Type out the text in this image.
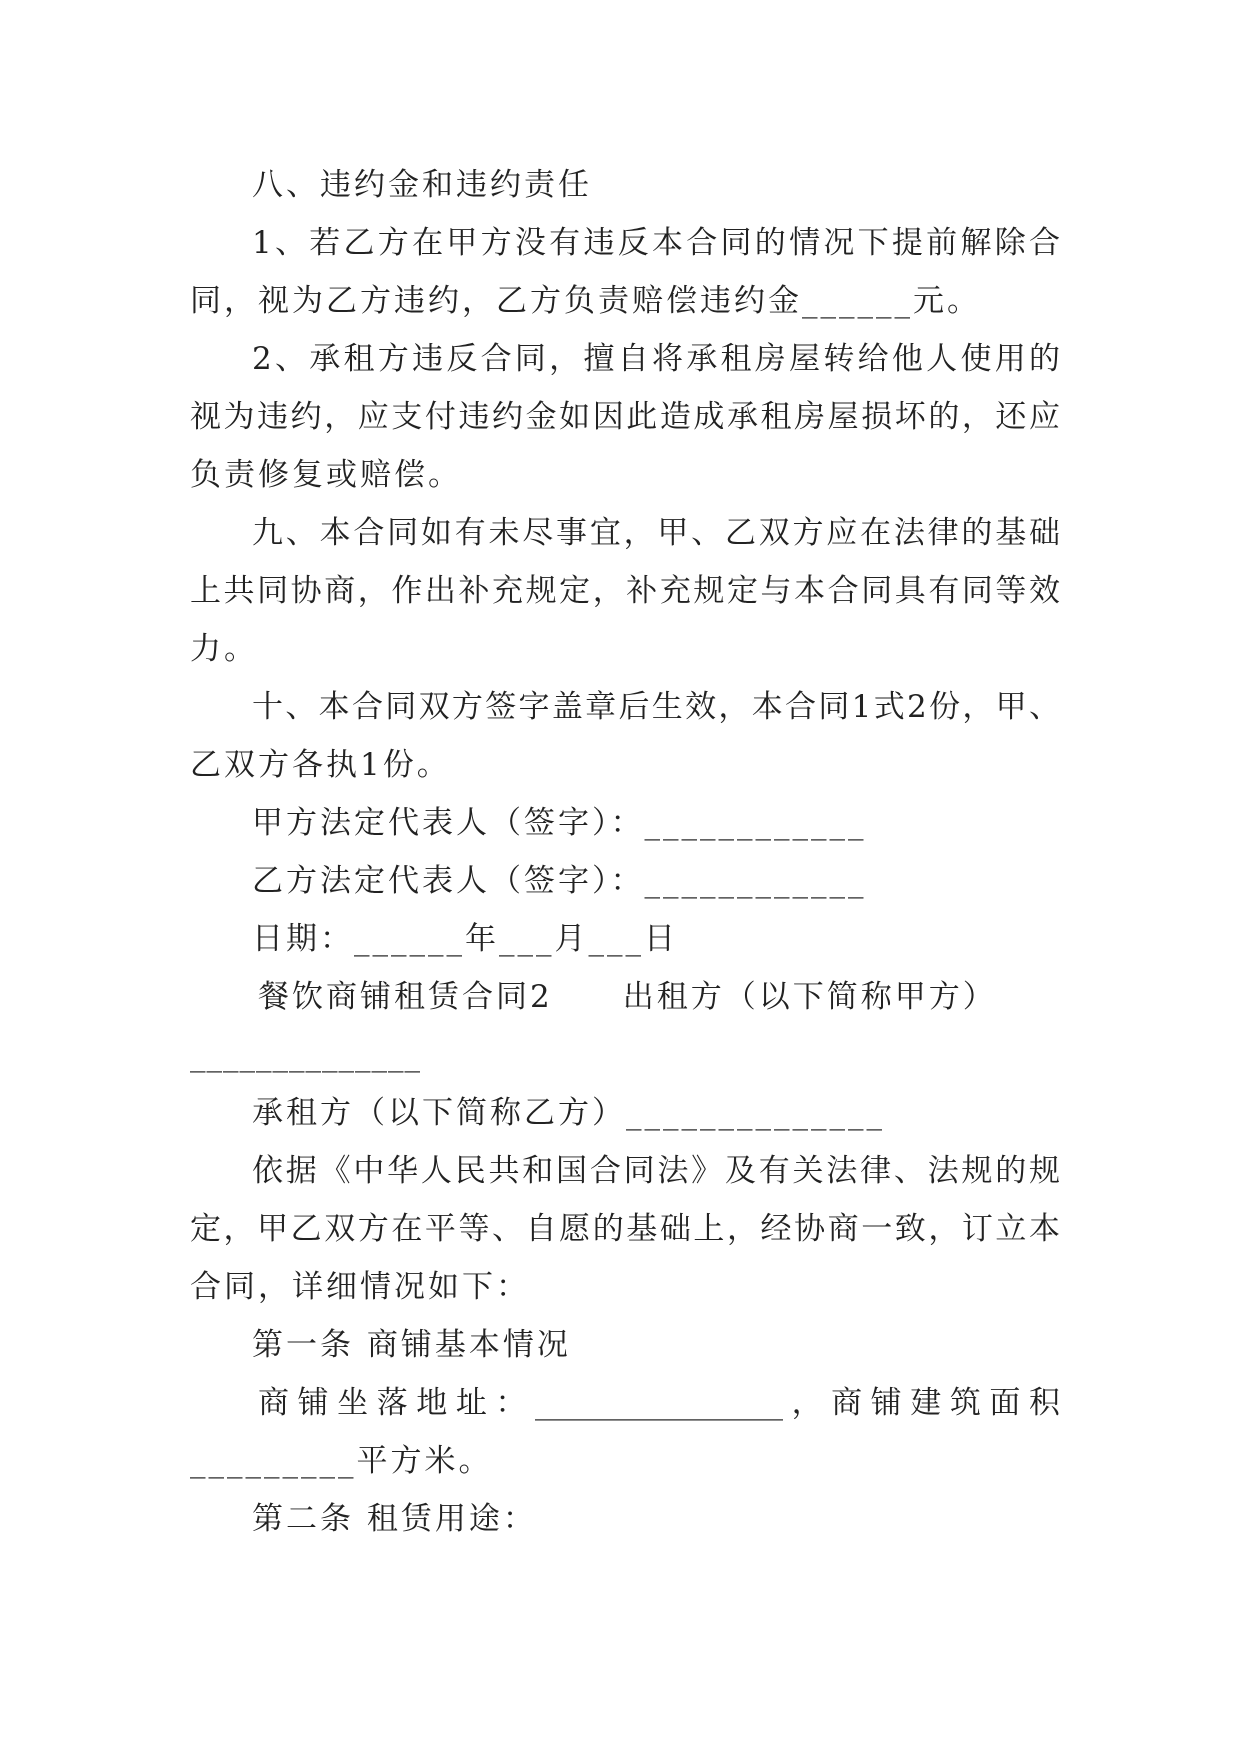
八、违约金和违约责任
1、若乙方在甲方没有违反本合同的情况下提前解除合
同，视为乙方违约，乙方负责赔偿违约金______元。
2、承租方违反合同，擅自将承租房屋转给他人使用的
视为违约，应支付违约金如因此造成承租房屋损坏的，还应
负责修复或赔偿。
九、本合同如有未尽事宜，甲、乙双方应在法律的基础
上共同协商，作出补充规定，补充规定与本合同具有同等效
力。
十、本合同双方签字盖章后生效，本合同1式2份，甲、
乙双方各执1份。
甲方法定代表人（签字）：____________
乙方法定代表人（签字）：____________
日期：______年___月___日
餐饮商铺租赁合同2 出租方（以下简称甲方）
______________
承租方（以下简称乙方）______________
依据《中华人民共和国合同法》及有关法律、法规的规
定，甲乙双方在平等、自愿的基础上，经协商一致，订立本
合同，详细情况如下：
第一条 商铺基本情况
商铺坐落地址：________________，商铺建筑面积
_________平方米。
第二条 租赁用途：
